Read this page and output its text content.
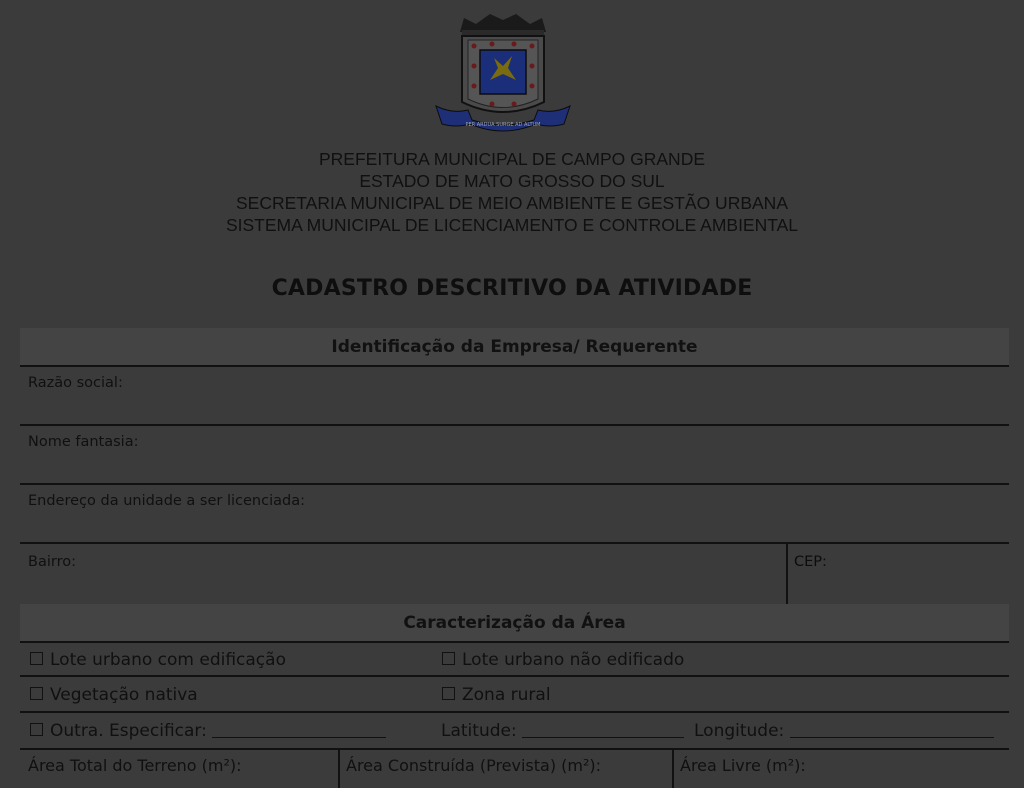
PER ARDUA SURGE AD ALTUM
PREFEITURA MUNICIPAL DE CAMPO GRANDE
ESTADO DE MATO GROSSO DO SUL
SECRETARIA MUNICIPAL DE MEIO AMBIENTE E GESTÃO URBANA
SISTEMA MUNICIPAL DE LICENCIAMENTO E CONTROLE AMBIENTAL
CADASTRO DESCRITIVO DA ATIVIDADE
Identificação da Empresa/ Requerente
Razão social:
Nome fantasia:
Endereço da unidade a ser licenciada:
Bairro:	CEP:
Caracterização da Área
Lote urbano com edificação	Lote urbano não edificado
Vegetação nativa	Zona rural
Outra. Especificar:	Latitude:	Longitude:
Área Total do Terreno (m²):	Área Construída (Prevista) (m²):	Área Livre (m²):
